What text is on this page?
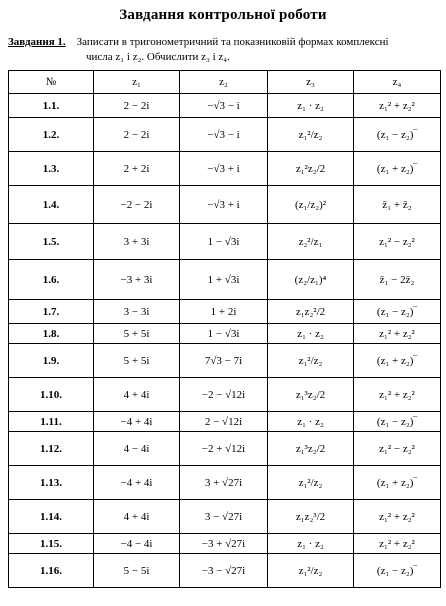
Завдання контрольної роботи
Завдання 1. Записати в тригонометричний та показниковій формах комплексні
числа z₁ і z₂. Обчислити z₃ і z₄.
№	z₁	z₂	z₃	z₄
1.1.	2 − 2i	−√3 − i	z₁ · z₂	z₁² + z₂²
1.2.	2 − 2i	−√3 − i	z₁²/z₂	(z₁ − z₂)‾
1.3.	2 + 2i	−√3 + i	z₁²z₂/2	(z₁ + z₂)‾
1.4.	−2 − 2i	−√3 + i	(z₁/z₂)²	z̄₁ + z̄₂
1.5.	3 + 3i	1 − √3i	z₂²/z₁	z₁² − z₂²
1.6.	−3 + 3i	1 + √3i	(z₂/z₁)⁴	z̄₁ − 2z̄₂
1.7.	3 − 3i	1 + 2i	z₁z₂²/2	(z₁ − z₂)‾
1.8.	5 + 5i	1 − √3i	z₁ · z₂	z₁² + z₂²
1.9.	5 + 5i	7√3 − 7i	z₁²/z₂	(z₁ + z₂)‾
1.10.	4 + 4i	−2 − √12i	z₁³z₂/2	z₁² + z₂²
1.11.	−4 + 4i	2 − √12i	z₁ · z₂	(z₁ − z₂)‾
1.12.	4 − 4i	−2 + √12i	z₁³z₂/2	z₁² − z₂²
1.13.	−4 + 4i	3 + √27i	z₁²/z₂	(z₁ + z₂)‾
1.14.	4 + 4i	3 − √27i	z₁z₂³/2	z₁² + z₂²
1.15.	−4 − 4i	−3 + √27i	z₁ · z₂	z₁² + z₂²
1.16.	5 − 5i	−3 − √27i	z₁²/z₂	(z₁ − z₂)‾
